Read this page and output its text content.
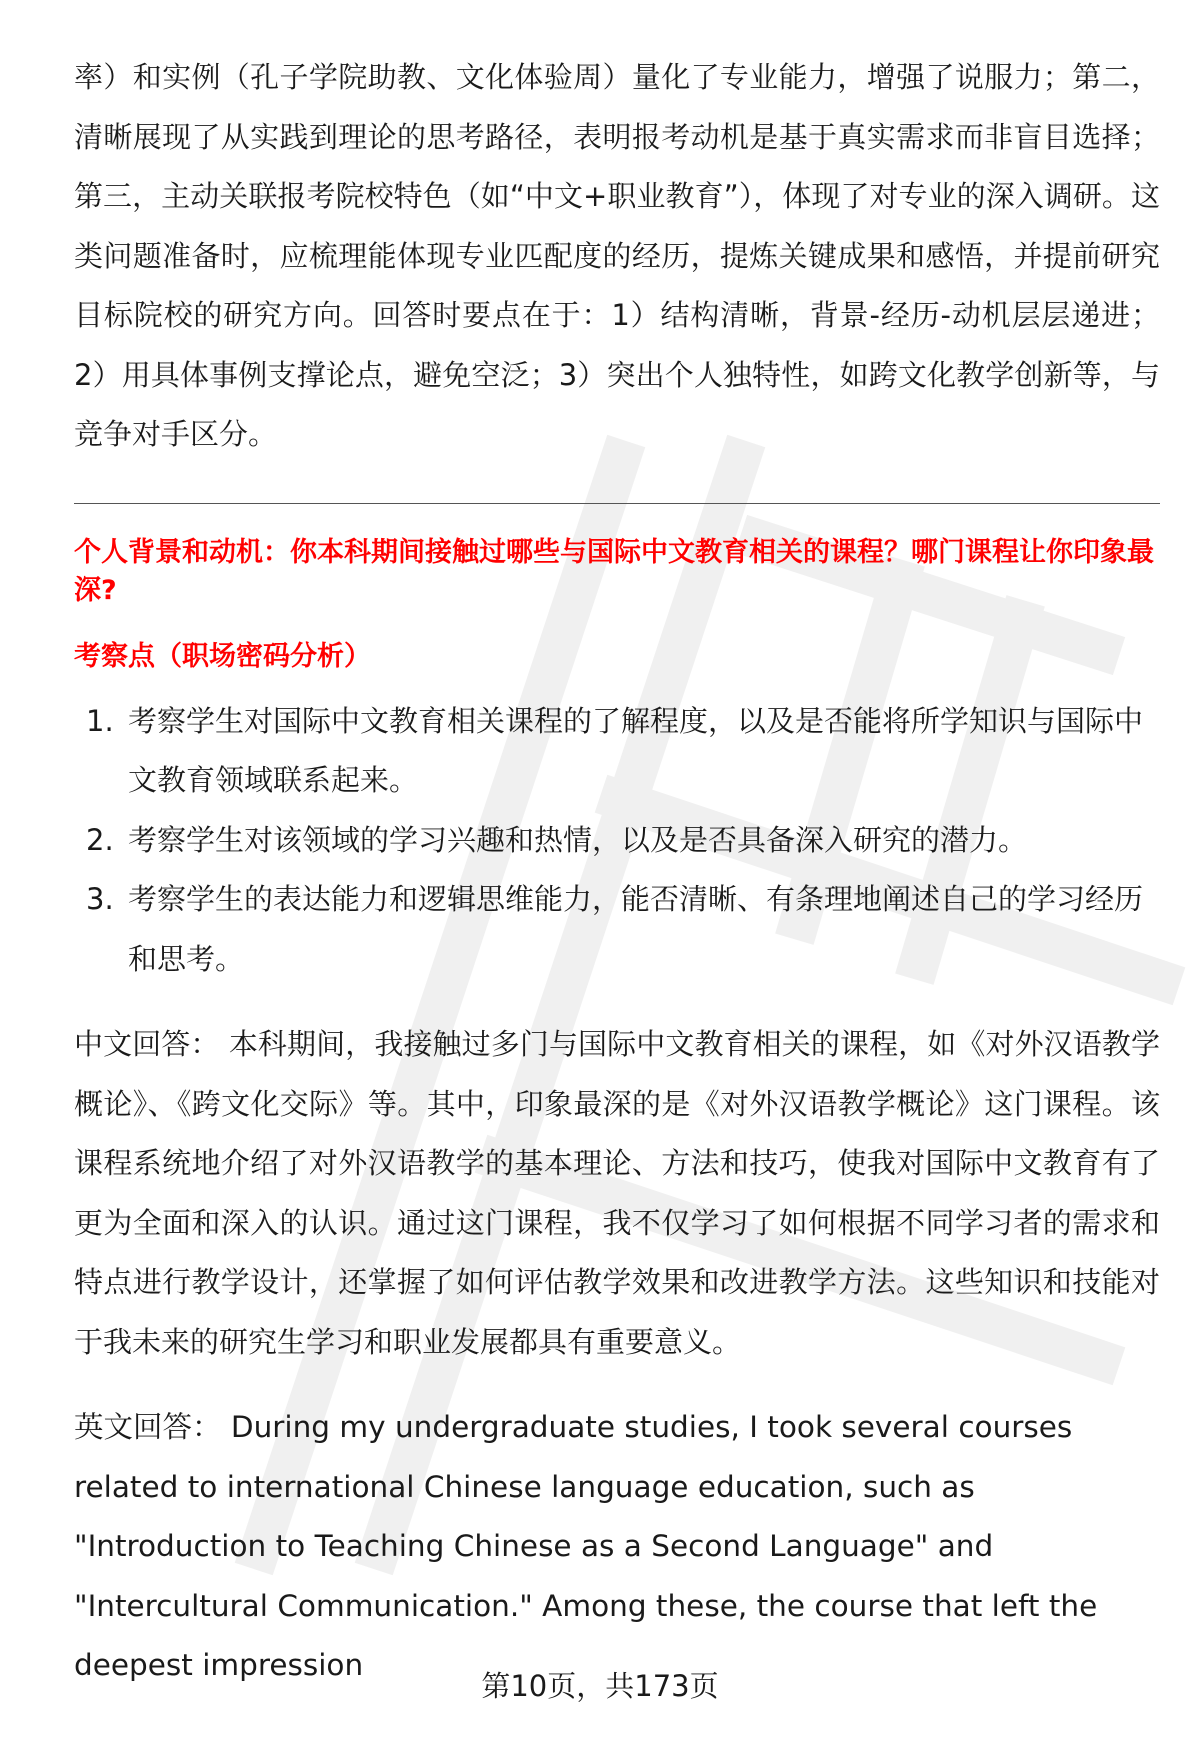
率）和实例（孔子学院助教、文化体验周）量化了专业能力，增强了说服力；第二，清晰展现了从实践到理论的思考路径，表明报考动机是基于真实需求而非盲目选择；第三，主动关联报考院校特色（如“中文+职业教育”），体现了对专业的深入调研。这类问题准备时，应梳理能体现专业匹配度的经历，提炼关键成果和感悟，并提前研究目标院校的研究方向。回答时要点在于：1）结构清晰，背景-经历-动机层层递进；2）用具体事例支撑论点，避免空泛；3）突出个人独特性，如跨文化教学创新等，与竞争对手区分。

个人背景和动机：你本科期间接触过哪些与国际中文教育相关的课程？哪门课程让你印象最深?

考察点（职场密码分析）

1. 考察学生对国际中文教育相关课程的了解程度，以及是否能将所学知识与国际中文教育领域联系起来。
2. 考察学生对该领域的学习兴趣和热情，以及是否具备深入研究的潜力。
3. 考察学生的表达能力和逻辑思维能力，能否清晰、有条理地阐述自己的学习经历和思考。

中文回答： 本科期间，我接触过多门与国际中文教育相关的课程，如《对外汉语教学概论》、《跨文化交际》等。其中，印象最深的是《对外汉语教学概论》这门课程。该课程系统地介绍了对外汉语教学的基本理论、方法和技巧，使我对国际中文教育有了更为全面和深入的认识。通过这门课程，我不仅学习了如何根据不同学习者的需求和特点进行教学设计，还掌握了如何评估教学效果和改进教学方法。这些知识和技能对于我未来的研究生学习和职业发展都具有重要意义。

英文回答： During my undergraduate studies, I took several courses related to international Chinese language education, such as "Introduction to Teaching Chinese as a Second Language" and "Intercultural Communication." Among these, the course that left the deepest impression

第10页，共173页
